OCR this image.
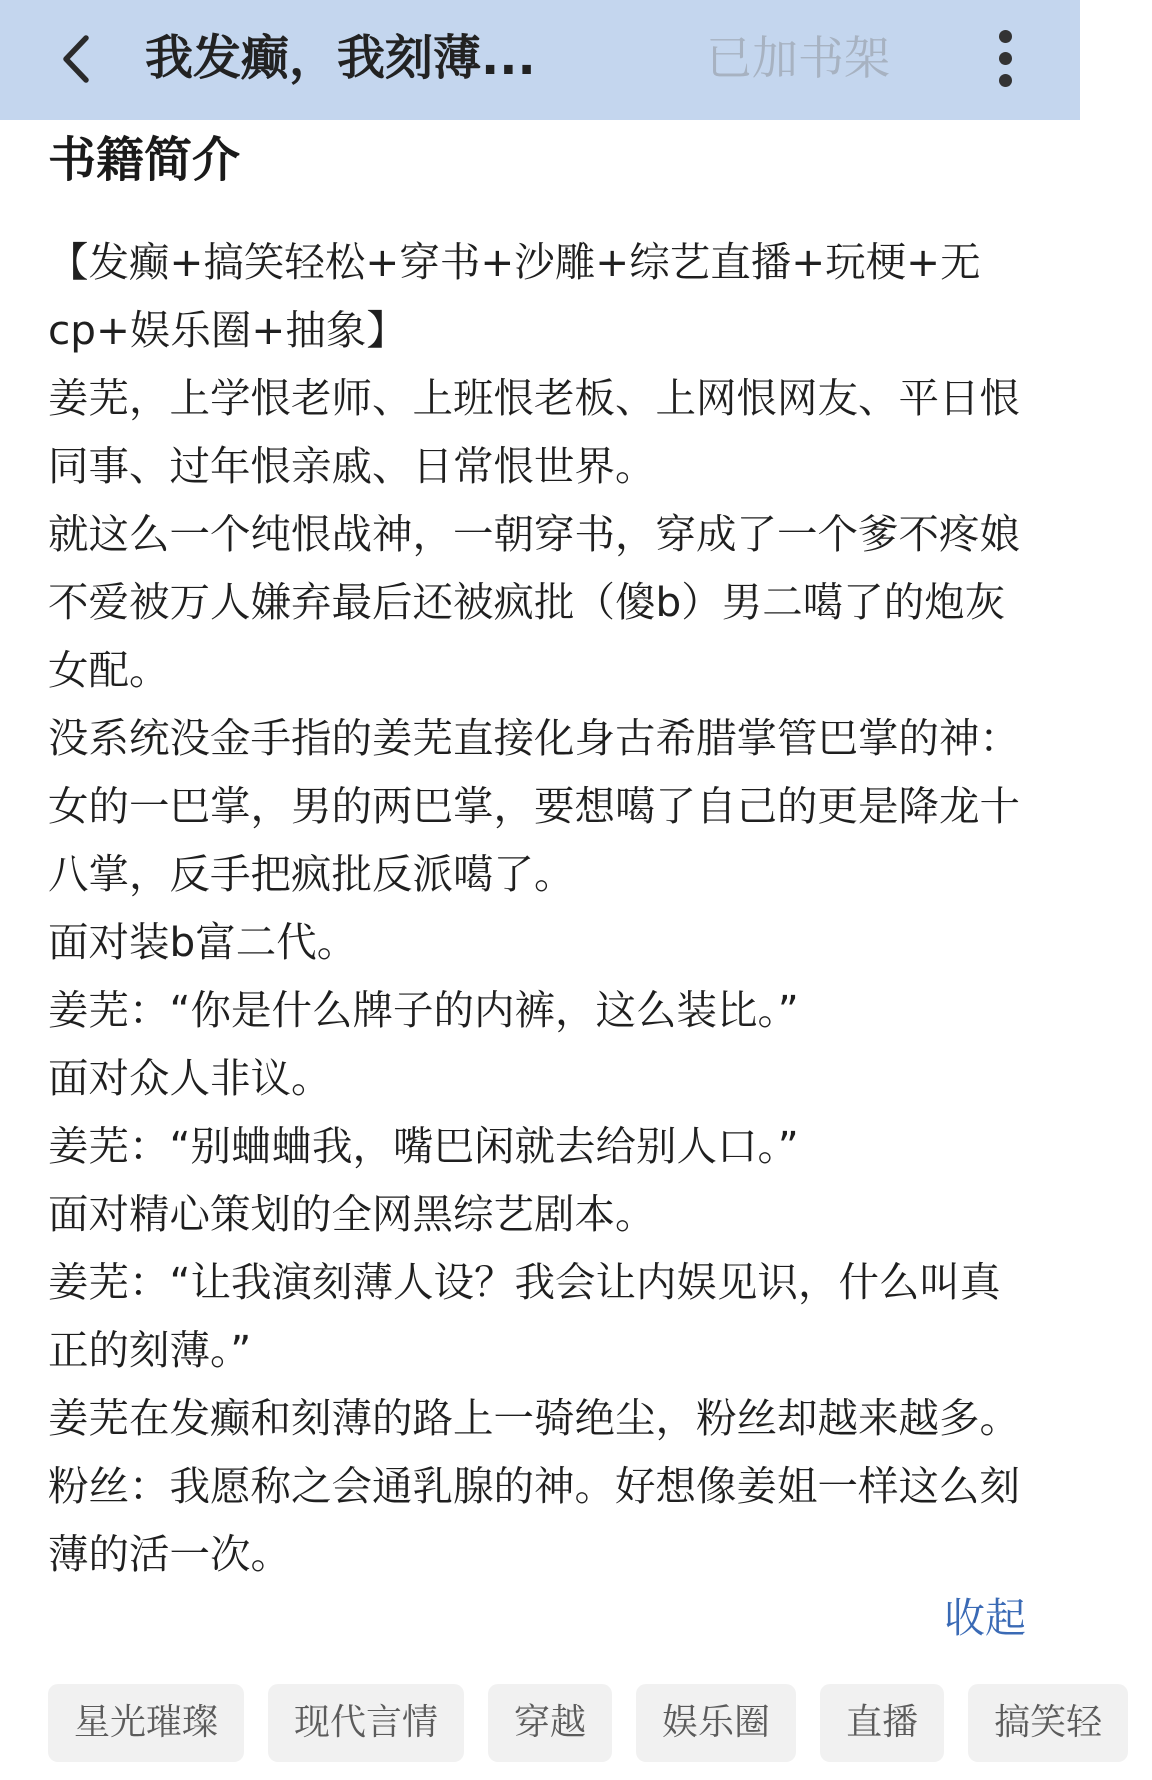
我发癫，我刻薄...	已加书架
书籍简介

【发癫+搞笑轻松+穿书+沙雕+综艺直播+玩梗+无cp+娱乐圈+抽象】

姜芜，上学恨老师、上班恨老板、上网恨网友、平日恨同事、过年恨亲戚、日常恨世界。

就这么一个纯恨战神，一朝穿书，穿成了一个爹不疼娘不爱被万人嫌弃最后还被疯批（傻b）男二噶了的炮灰女配。

没系统没金手指的姜芜直接化身古希腊掌管巴掌的神：女的一巴掌，男的两巴掌，要想噶了自己的更是降龙十八掌，反手把疯批反派噶了。

面对装b富二代。

姜芜：“你是什么牌子的内裤，这么装比。”

面对众人非议。

姜芜：“别蛐蛐我，嘴巴闲就去给别人口。”

面对精心策划的全网黑综艺剧本。

姜芜：“让我演刻薄人设？我会让内娱见识，什么叫真正的刻薄。”

姜芜在发癫和刻薄的路上一骑绝尘，粉丝却越来越多。

粉丝：我愿称之会通乳腺的神。好想像姜姐一样这么刻薄的活一次。

收起
星光璀璨 现代言情 穿越 娱乐圈 直播 搞笑轻
